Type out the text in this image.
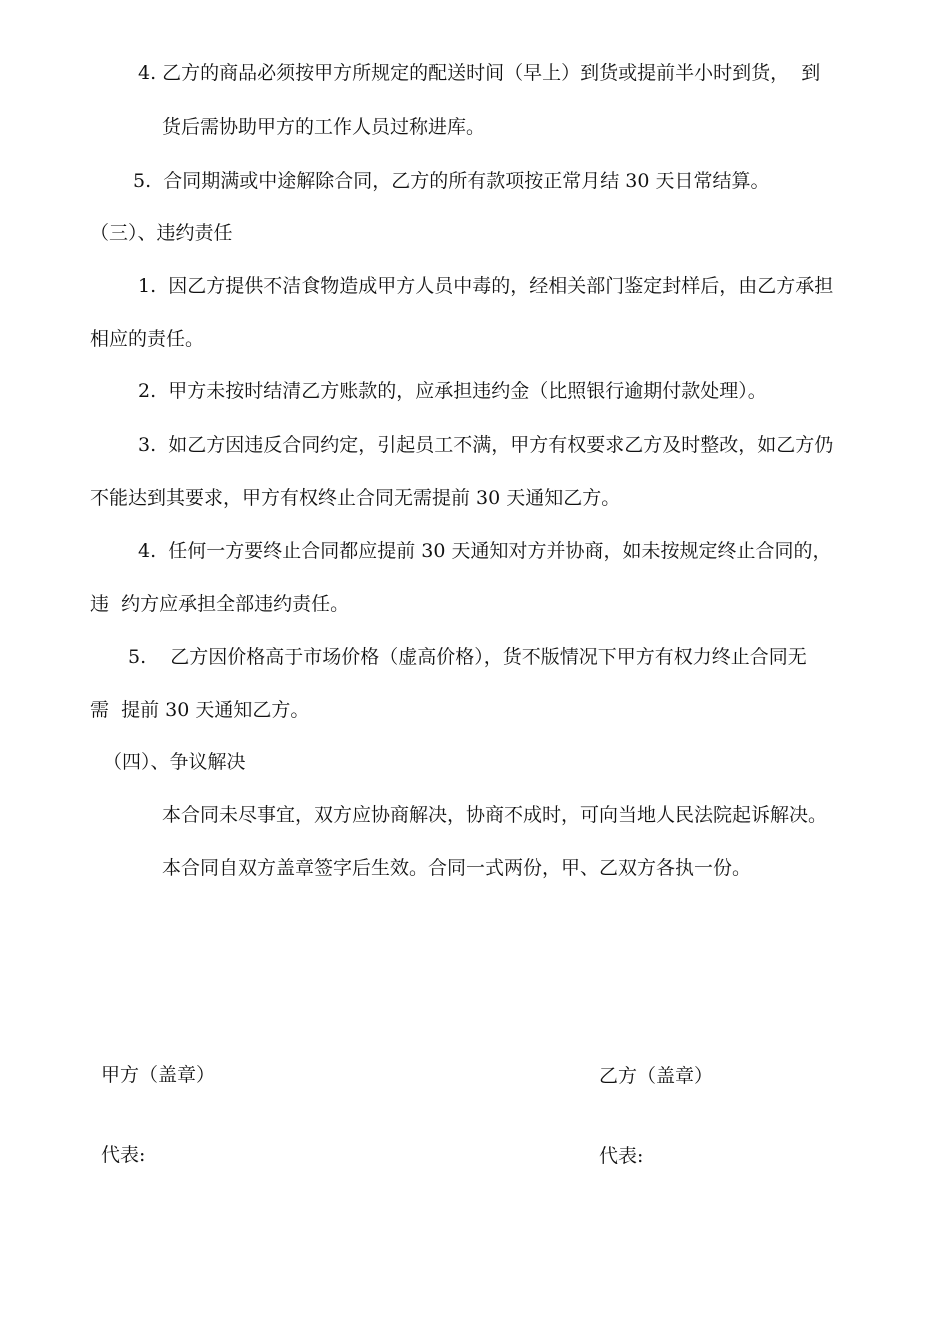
4. 乙方的商品必须按甲方所规定的配送时间（早上）到货或提前半小时到货，  到
货后需协助甲方的工作人员过称进库。
5.  合同期满或中途解除合同，乙方的所有款项按正常月结 30 天日常结算。
（三）、违约责任
1.  因乙方提供不洁食物造成甲方人员中毒的，经相关部门鉴定封样后，由乙方承担
相应的责任。
2.  甲方未按时结清乙方账款的，应承担违约金（比照银行逾期付款处理）。
3.  如乙方因违反合同约定，引起员工不满，甲方有权要求乙方及时整改，如乙方仍
不能达到其要求，甲方有权终止合同无需提前 30 天通知乙方。
4.  任何一方要终止合同都应提前 30 天通知对方并协商，如未按规定终止合同的，
违  约方应承担全部违约责任。
5.    乙方因价格高于市场价格（虚高价格），货不版情况下甲方有权力终止合同无
需  提前 30 天通知乙方。
（四）、争议解决
本合同未尽事宜，双方应协商解决，协商不成时，可向当地人民法院起诉解决。
本合同自双方盖章签字后生效。合同一式两份，甲、乙双方各执一份。
甲方（盖章）	乙方（盖章）
代表:	代表:
